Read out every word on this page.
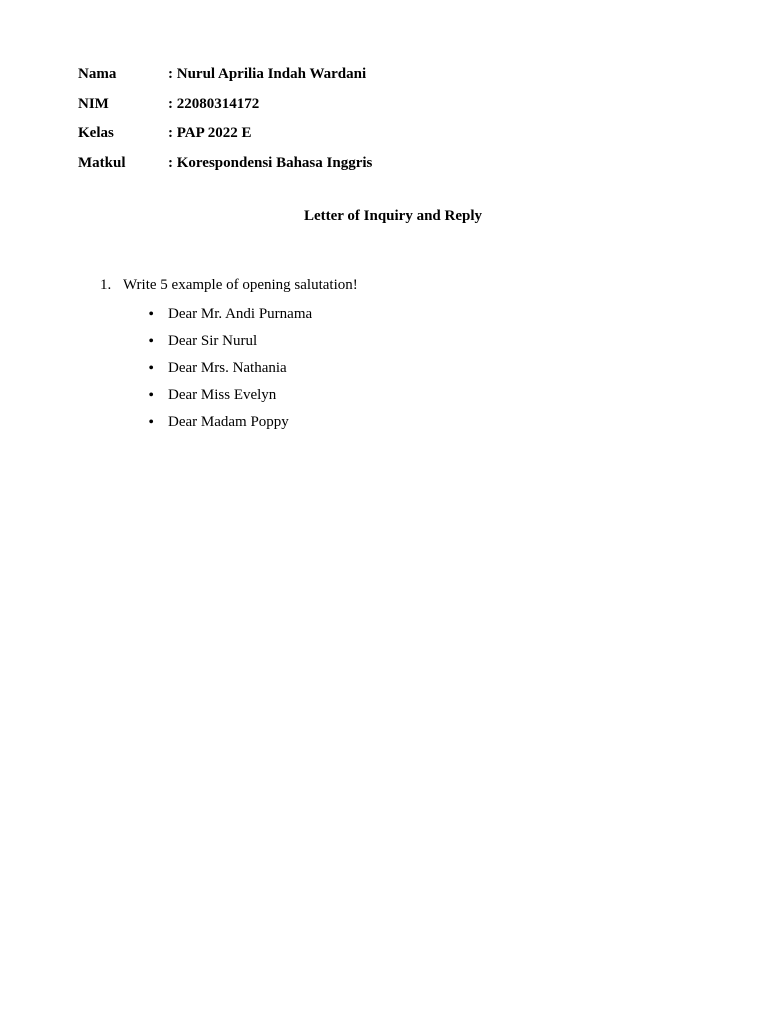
Nama	: Nurul Aprilia Indah Wardani
NIM	: 22080314172
Kelas	: PAP 2022 E
Matkul	: Korespondensi Bahasa Inggris
Letter of Inquiry and Reply
1. Write 5 example of opening salutation!
• Dear Mr. Andi Purnama
• Dear Sir Nurul
• Dear Mrs. Nathania
• Dear Miss Evelyn
• Dear Madam Poppy
